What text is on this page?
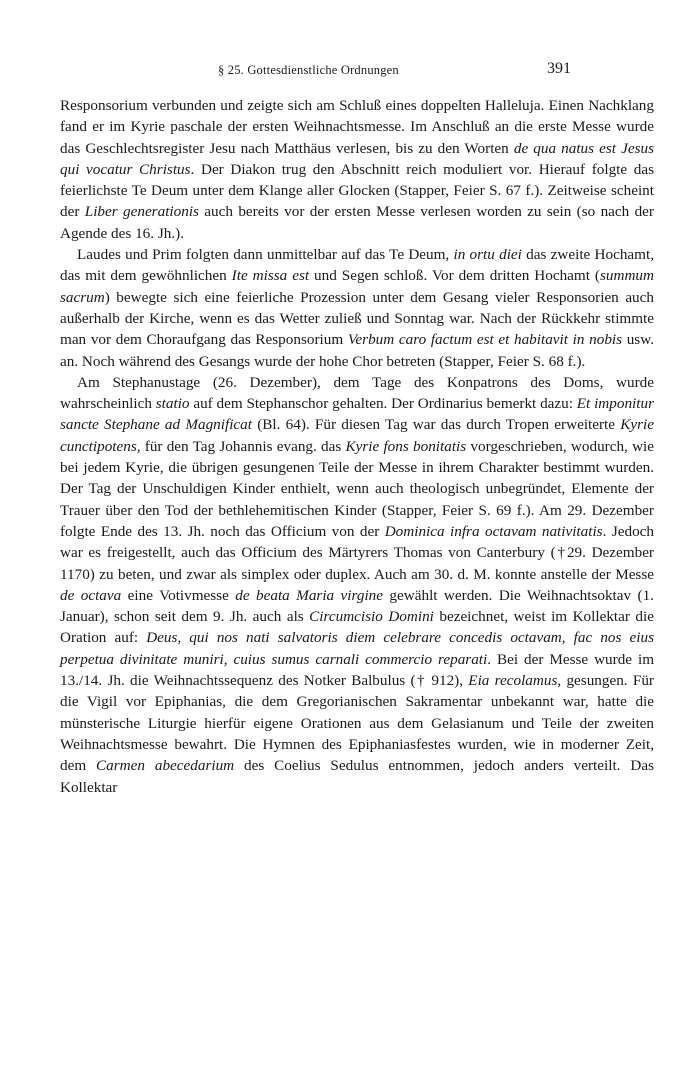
§ 25. Gottesdienstliche Ordnungen	391

Responsorium verbunden und zeigte sich am Schluß eines doppelten Halleluja. Einen Nachklang fand er im Kyrie paschale der ersten Weihnachtsmesse. Im Anschluß an die erste Messe wurde das Geschlechtsregister Jesu nach Matthäus verlesen, bis zu den Worten de qua natus est Jesus qui vocatur Christus. Der Diakon trug den Abschnitt reich moduliert vor. Hierauf folgte das feierlichste Te Deum unter dem Klange aller Glocken (Stapper, Feier S. 67 f.). Zeitweise scheint der Liber generationis auch bereits vor der ersten Messe verlesen worden zu sein (so nach der Agende des 16. Jh.).

Laudes und Prim folgten dann unmittelbar auf das Te Deum, in ortu diei das zweite Hochamt, das mit dem gewöhnlichen Ite missa est und Segen schloß. Vor dem dritten Hochamt (summum sacrum) bewegte sich eine feierliche Prozession unter dem Gesang vieler Responsorien auch außerhalb der Kirche, wenn es das Wetter zuließ und Sonntag war. Nach der Rückkehr stimmte man vor dem Choraufgang das Responsorium Verbum caro factum est et habitavit in nobis usw. an. Noch während des Gesangs wurde der hohe Chor betreten (Stapper, Feier S. 68 f.).

Am Stephanustage (26. Dezember), dem Tage des Konpatrons des Doms, wurde wahrscheinlich statio auf dem Stephanschor gehalten. Der Ordinarius bemerkt dazu: Et imponitur sancte Stephane ad Magnificat (Bl. 64). Für diesen Tag war das durch Tropen erweiterte Kyrie cunctipotens, für den Tag Johannis evang. das Kyrie fons bonitatis vorgeschrieben, wodurch, wie bei jedem Kyrie, die übrigen gesungenen Teile der Messe in ihrem Charakter bestimmt wurden. Der Tag der Unschuldigen Kinder enthielt, wenn auch theologisch unbegründet, Elemente der Trauer über den Tod der bethlehemitischen Kinder (Stapper, Feier S. 69 f.). Am 29. Dezember folgte Ende des 13. Jh. noch das Officium von der Dominica infra octavam nativitatis. Jedoch war es freigestellt, auch das Officium des Märtyrers Thomas von Canterbury (†29. Dezember 1170) zu beten, und zwar als simplex oder duplex. Auch am 30. d. M. konnte anstelle der Messe de octava eine Votivmesse de beata Maria virgine gewählt werden. Die Weihnachtsoktav (1. Januar), schon seit dem 9. Jh. auch als Circumcisio Domini bezeichnet, weist im Kollektar die Oration auf: Deus, qui nos nati salvatoris diem celebrare concedis octavam, fac nos eius perpetua divinitate muniri, cuius sumus carnali commercio reparati. Bei der Messe wurde im 13./14. Jh. die Weihnachtssequenz des Notker Balbulus († 912), Eia recolamus, gesungen. Für die Vigil vor Epiphanias, die dem Gregorianischen Sakramentar unbekannt war, hatte die münsterische Liturgie hierfür eigene Orationen aus dem Gelasianum und Teile der zweiten Weihnachtsmesse bewahrt. Die Hymnen des Epiphaniasfestes wurden, wie in moderner Zeit, dem Carmen abecedarium des Coelius Sedulus entnommen, jedoch anders verteilt. Das Kollektar
